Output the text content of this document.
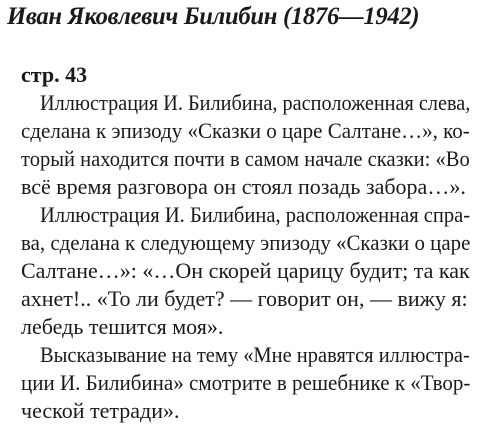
Иван Яковлевич Билибин (1876—1942)
стр. 43
Иллюстрация И. Билибина, расположенная слева,
сделана к эпизоду «Сказки о царе Салтане…», ко-
торый находится почти в самом начале сказки: «Во
всё время разговора он стоял позадь забора…».
Иллюстрация И. Билибина, расположенная спра-
ва, сделана к следующему эпизоду «Сказки о царе
Салтане…»: «…Он скорей царицу будит; та как
ахнет!.. «То ли будет? — говорит он, — вижу я:
лебедь тешится моя».
Высказывание на тему «Мне нравятся иллюстра-
ции И. Билибина» смотрите в решебнике к «Твор-
ческой тетради».
